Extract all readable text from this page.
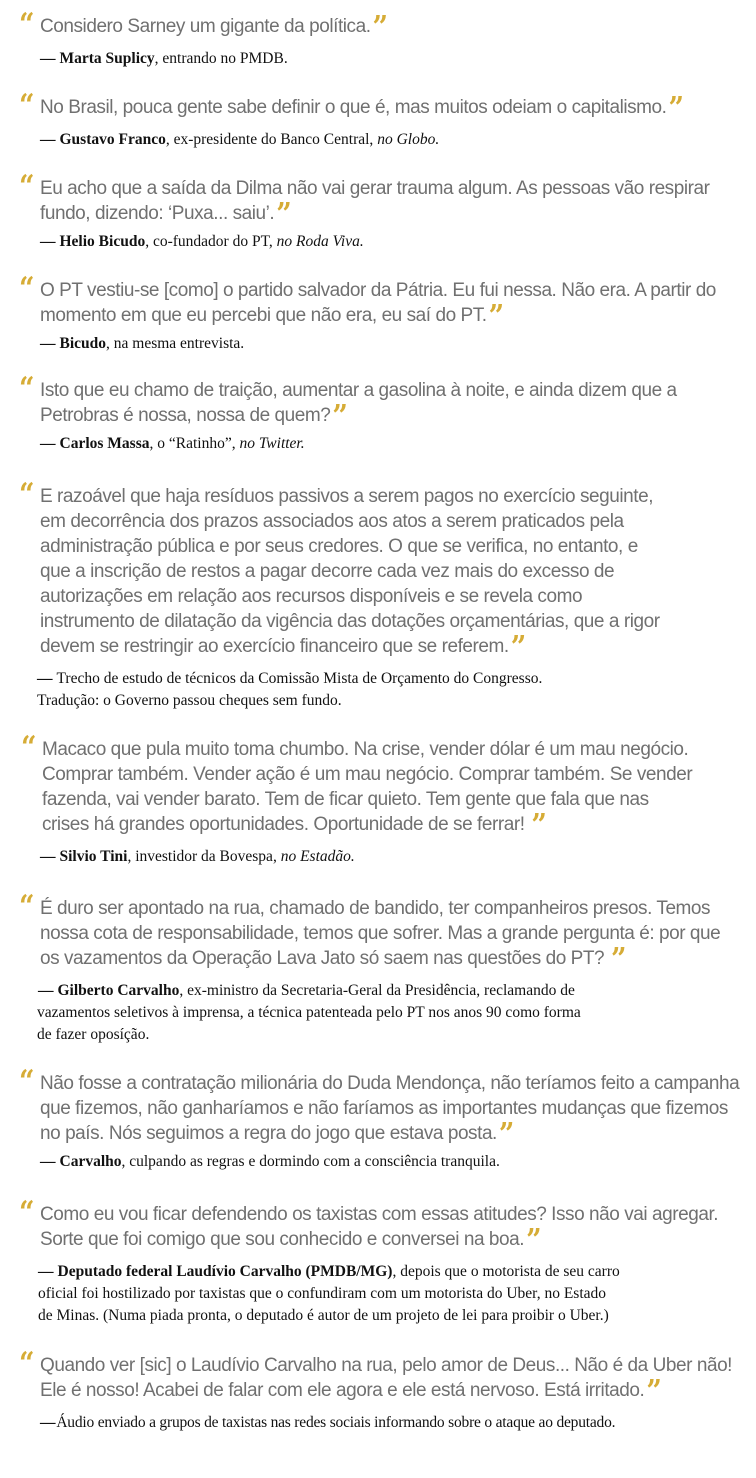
“ Considero Sarney um gigante da política.”

— Marta Suplicy, entrando no PMDB.

“ No Brasil, pouca gente sabe definir o que é, mas muitos odeiam o capitalismo.”

— Gustavo Franco, ex-presidente do Banco Central, no Globo.

“ Eu acho que a saída da Dilma não vai gerar trauma algum. As pessoas vão respirar fundo, dizendo: ‘Puxa... saiu’.”

— Helio Bicudo, co-fundador do PT, no Roda Viva.

“ O PT vestiu-se [como] o partido salvador da Pátria. Eu fui nessa. Não era. A partir do momento em que eu percebi que não era, eu saí do PT.”

— Bicudo, na mesma entrevista.

“ Isto que eu chamo de traição, aumentar a gasolina à noite, e ainda dizem que a Petrobras é nossa, nossa de quem?”

— Carlos Massa, o “Ratinho”, no Twitter.

“ E razoável que haja resíduos passivos a serem pagos no exercício seguinte, em decorrência dos prazos associados aos atos a serem praticados pela administração pública e por seus credores. O que se verifica, no entanto, e que a inscrição de restos a pagar decorre cada vez mais do excesso de autorizações em relação aos recursos disponíveis e se revela como instrumento de dilatação da vigência das dotações orçamentárias, que a rigor devem se restringir ao exercício financeiro que se referem.”

— Trecho de estudo de técnicos da Comissão Mista de Orçamento do Congresso.
Tradução: o Governo passou cheques sem fundo.

“ Macaco que pula muito toma chumbo. Na crise, vender dólar é um mau negócio. Comprar também. Vender ação é um mau negócio. Comprar também. Se vender fazenda, vai vender barato. Tem de ficar quieto. Tem gente que fala que nas crises há grandes oportunidades. Oportunidade de se ferrar! ”

— Silvio Tini, investidor da Bovespa, no Estadão.

“ É duro ser apontado na rua, chamado de bandido, ter companheiros presos. Temos nossa cota de responsabilidade, temos que sofrer. Mas a grande pergunta é: por que os vazamentos da Operação Lava Jato só saem nas questões do PT? ”

— Gilberto Carvalho, ex-ministro da Secretaria-Geral da Presidência, reclamando de
vazamentos seletivos à imprensa, a técnica patenteada pelo PT nos anos 90 como forma
de fazer oposíção.

“ Não fosse a contratação milionária do Duda Mendonça, não teríamos feito a campanha que fizemos, não ganharíamos e não faríamos as importantes mudanças que fizemos no país. Nós seguimos a regra do jogo que estava posta.”

— Carvalho, culpando as regras e dormindo com a consciência tranquila.

“ Como eu vou ficar defendendo os taxistas com essas atitudes? Isso não vai agregar. Sorte que foi comigo que sou conhecido e conversei na boa.”

— Deputado federal Laudívio Carvalho (PMDB/MG), depois que o motorista de seu carro
oficial foi hostilizado por taxistas que o confundiram com um motorista do Uber, no Estado
de Minas. (Numa piada pronta, o deputado é autor de um projeto de lei para proibir o Uber.)

“ Quando ver [sic] o Laudívio Carvalho na rua, pelo amor de Deus... Não é da Uber não! Ele é nosso! Acabei de falar com ele agora e ele está nervoso. Está irritado.”

—Áudio enviado a grupos de taxistas nas redes sociais informando sobre o ataque ao deputado.
